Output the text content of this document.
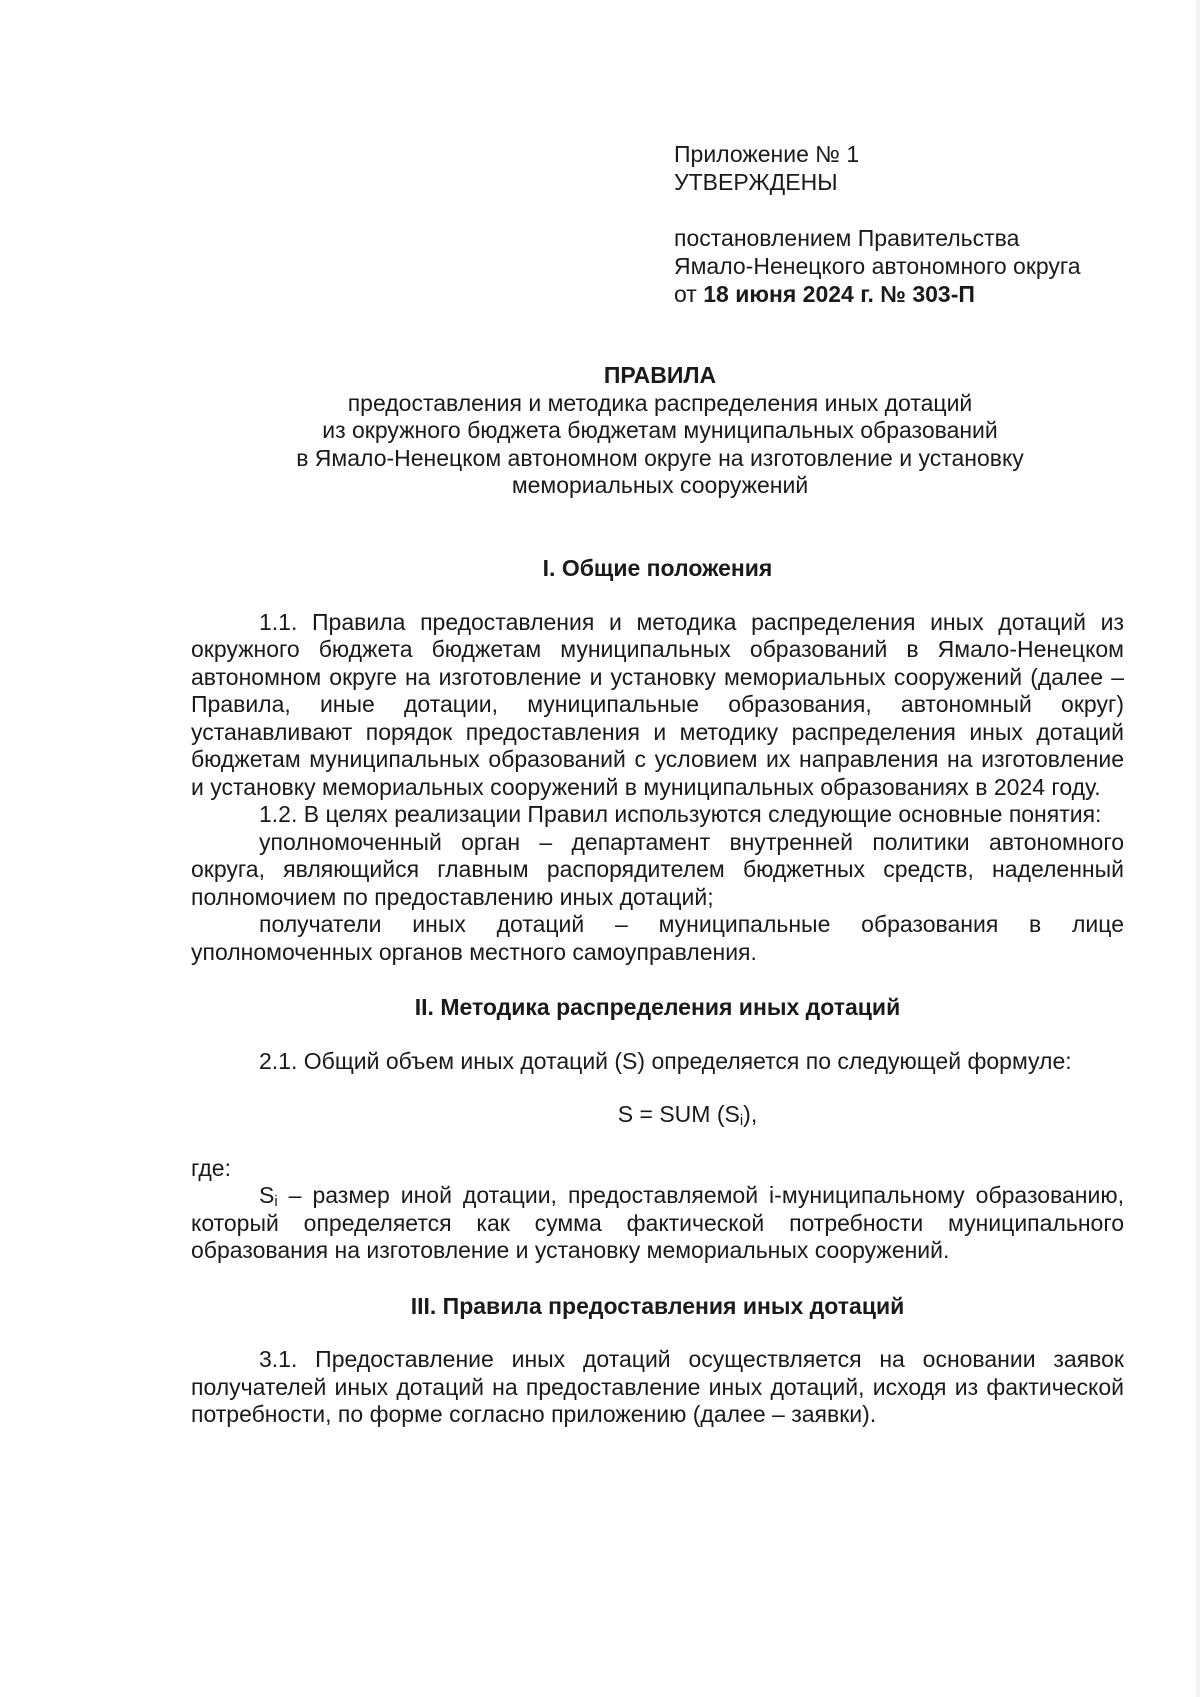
Приложение № 1
УТВЕРЖДЕНЫ
постановлением Правительства
Ямало-Ненецкого автономного округа
от 18 июня 2024 г. № 303-П
ПРАВИЛА
предоставления и методика распределения иных дотаций
из окружного бюджета бюджетам муниципальных образований
в Ямало-Ненецком автономном округе на изготовление и установку
мемориальных сооружений

I. Общие положения

1.1. Правила предоставления и методика распределения иных дотаций из окружного бюджета бюджетам муниципальных образований в Ямало-Ненецком автономном округе на изготовление и установку мемориальных сооружений (далее – Правила, иные дотации, муниципальные образования, автономный округ) устанавливают порядок предоставления и методику распределения иных дотаций бюджетам муниципальных образований с условием их направления на изготовление и установку мемориальных сооружений в муниципальных образованиях в 2024 году.

1.2. В целях реализации Правил используются следующие основные понятия:

уполномоченный орган – департамент внутренней политики автономного округа, являющийся главным распорядителем бюджетных средств, наделенный полномочием по предоставлению иных дотаций;

получатели иных дотаций – муниципальные образования в лице уполномоченных органов местного самоуправления.

II. Методика распределения иных дотаций

2.1. Общий объем иных дотаций (S) определяется по следующей формуле:

S = SUM $(S_i)$,

где:

$S_i$ – размер иной дотации, предоставляемой i-муниципальному образованию, который определяется как сумма фактической потребности муниципального образования на изготовление и установку мемориальных сооружений.

III. Правила предоставления иных дотаций

3.1. Предоставление иных дотаций осуществляется на основании заявок получателей иных дотаций на предоставление иных дотаций, исходя из фактической потребности, по форме согласно приложению (далее – заявки).
